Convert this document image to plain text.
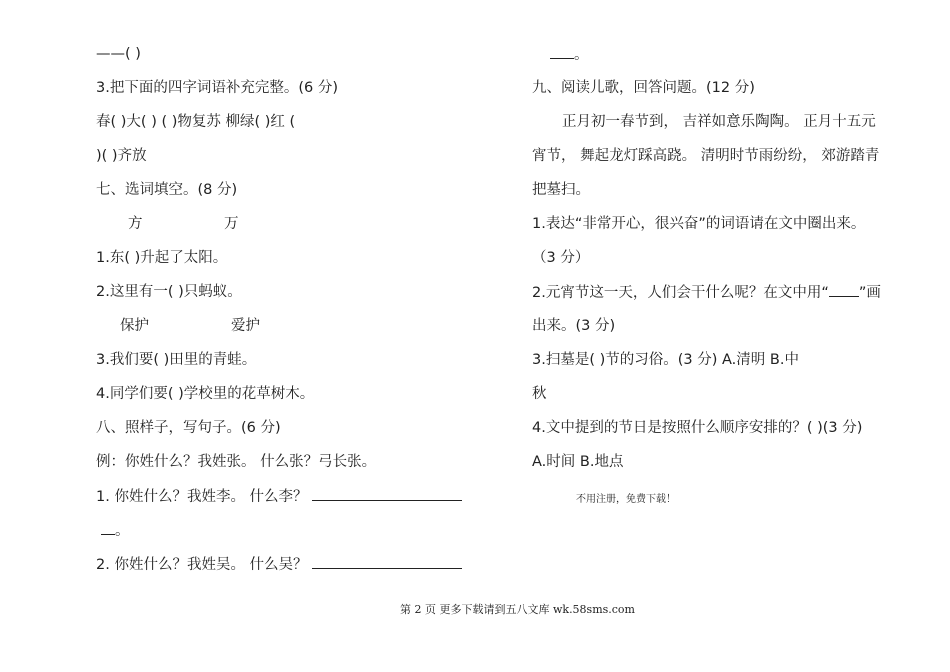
——( )
3.把下面的四字词语补充完整。(6 分)
春( )大( ) ( )物复苏 柳绿( )红 (
)( )齐放
七、选词填空。(8 分)
方	万
1.东( )升起了太阳。
2.这里有一( )只蚂蚁。
保护	爱护
3.我们要( )田里的青蛙。
4.同学们要( )学校里的花草树木。
八、照样子，写句子。(6 分)
例：你姓什么？我姓张。 什么张？弓长张。
1. 你姓什么？我姓李。 什么李？
。
2. 你姓什么？我姓吴。 什么吴？
。
九、阅读儿歌，回答问题。(12 分)
正月初一春节到， 吉祥如意乐陶陶。 正月十五元
宵节， 舞起龙灯踩高跷。 清明时节雨纷纷， 郊游踏青
把墓扫。
1.表达“非常开心，很兴奋”的词语请在文中圈出来。
（3 分）
2.元宵节这一天，人们会干什么呢？在文中用“ ”画
出来。(3 分)
3.扫墓是( )节的习俗。(3 分) A.清明 B.中
秋
4.文中提到的节日是按照什么顺序安排的？( )(3 分)
A.时间 B.地点
不用注册，免费下载！
第 2 页 更多下载请到五八文库 wk.58sms.com
